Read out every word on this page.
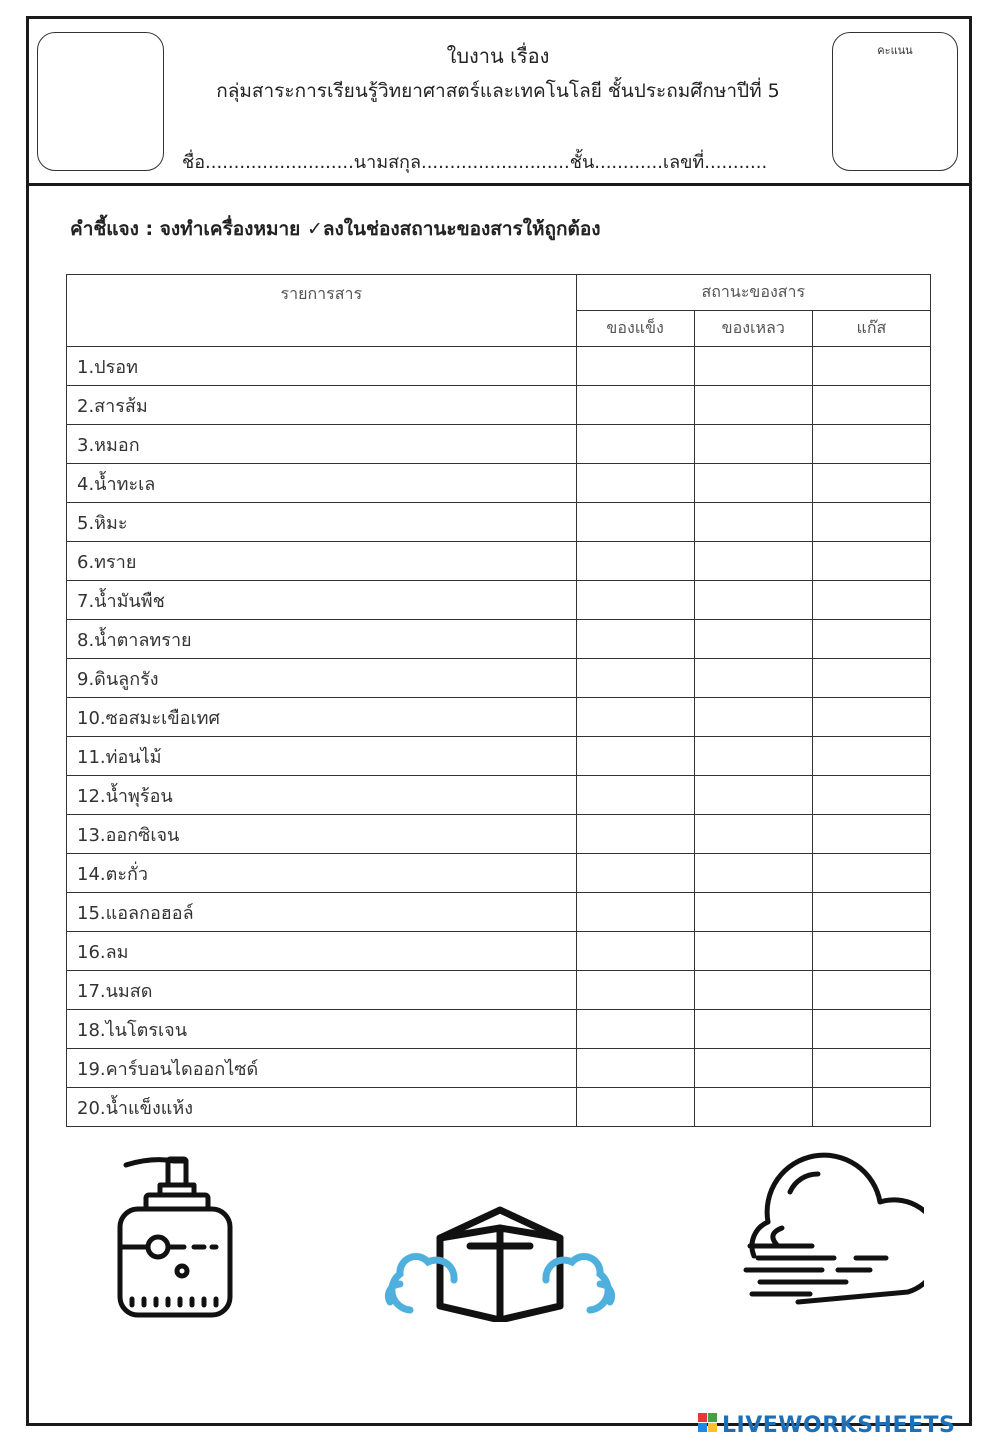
คะแนน
ใบงาน เรื่อง
กลุ่มสาระการเรียนรู้วิทยาศาสตร์และเทคโนโลยี ชั้นประถมศึกษาปีที่ 5
ชื่อ..........................นามสกุล..........................ชั้น............เลขที่...........
คำชี้แจง : จงทำเครื่องหมาย ✓ลงในช่องสถานะของสารให้ถูกต้อง
รายการสาร	สถานะของสาร		
	ของแข็ง	ของเหลว	แก๊ส
1.ปรอท			
2.สารส้ม			
3.หมอก			
4.น้ำทะเล			
5.หิมะ			
6.ทราย			
7.น้ำมันพืช			
8.น้ำตาลทราย			
9.ดินลูกรัง			
10.ซอสมะเขือเทศ			
11.ท่อนไม้			
12.น้ำพุร้อน			
13.ออกซิเจน			
14.ตะกั่ว			
15.แอลกอฮอล์			
16.ลม			
17.นมสด			
18.ไนโตรเจน			
19.คาร์บอนไดออกไซด์			
20.น้ำแข็งแห้ง			
LIVEWORKSHEETS
